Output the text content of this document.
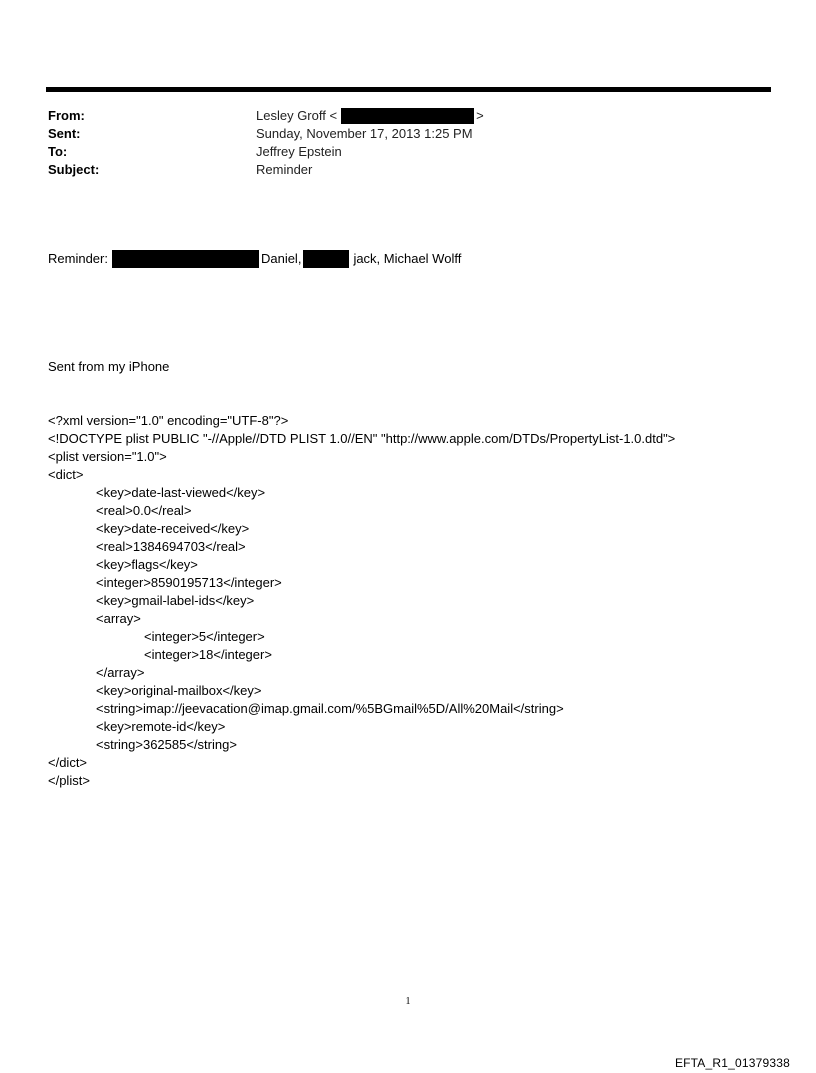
From:	Lesley Groff <	>
Sent:	Sunday, November 17, 2013 1:25 PM
To:	Jeffrey Epstein
Subject:	Reminder

Reminder:	Daniel,	jack, Michael Wolff

Sent from my iPhone

<?xml version="1.0" encoding="UTF-8"?>
<!DOCTYPE plist PUBLIC "-//Apple//DTD PLIST 1.0//EN" "http://www.apple.com/DTDs/PropertyList-1.0.dtd">
<plist version="1.0">
<dict>
<key>date-last-viewed</key>
<real>0.0</real>
<key>date-received</key>
<real>1384694703</real>
<key>flags</key>
<integer>8590195713</integer>
<key>gmail-label-ids</key>
<array>
<integer>5</integer>
<integer>18</integer>
</array>
<key>original-mailbox</key>
<string>imap://jeevacation@imap.gmail.com/%5BGmail%5D/All%20Mail</string>
<key>remote-id</key>
<string>362585</string>
</dict>
</plist>

1
EFTA_R1_01379338
